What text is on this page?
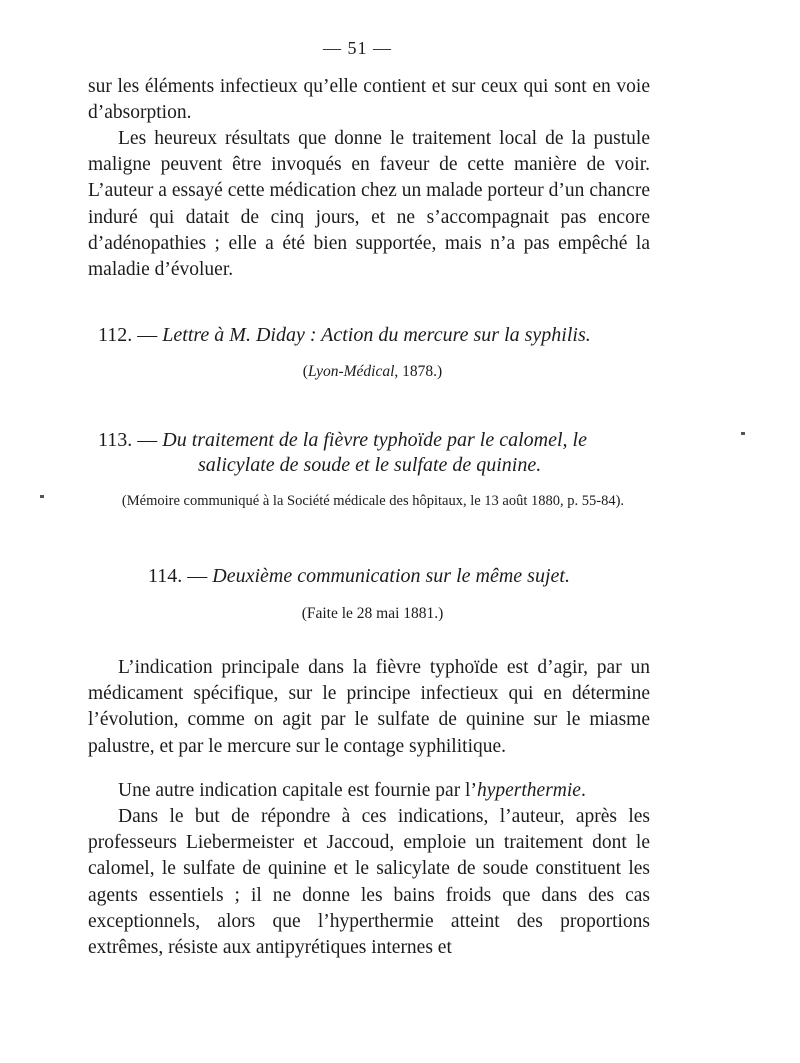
— 51 —

sur les éléments infectieux qu’elle contient et sur ceux qui sont en voie d’absorption.

Les heureux résultats que donne le traitement local de la pustule maligne peuvent être invoqués en faveur de cette manière de voir. L’auteur a essayé cette médication chez un malade porteur d’un chancre induré qui datait de cinq jours, et ne s’accompagnait pas encore d’adénopathies ; elle a été bien supportée, mais n’a pas empêché la maladie d’évoluer.

112. — Lettre à M. Diday : Action du mercure sur la syphilis.

(Lyon-Médical, 1878.)

113. — Du traitement de la fièvre typhoïde par le calomel, le
salicylate de soude et le sulfate de quinine.

(Mémoire communiqué à la Société médicale des hôpitaux, le 13 août 1880, p. 55-84).

114. — Deuxième communication sur le même sujet.

(Faite le 28 mai 1881.)

L’indication principale dans la fièvre typhoïde est d’agir, par un médicament spécifique, sur le principe infectieux qui en détermine l’évolution, comme on agit par le sulfate de quinine sur le miasme palustre, et par le mercure sur le contage syphilitique.

Une autre indication capitale est fournie par l’hyperthermie.

Dans le but de répondre à ces indications, l’auteur, après les professeurs Liebermeister et Jaccoud, emploie un traitement dont le calomel, le sulfate de quinine et le salicylate de soude constituent les agents essentiels ; il ne donne les bains froids que dans des cas exceptionnels, alors que l’hyperthermie atteint des proportions extrêmes, résiste aux antipyrétiques internes et
